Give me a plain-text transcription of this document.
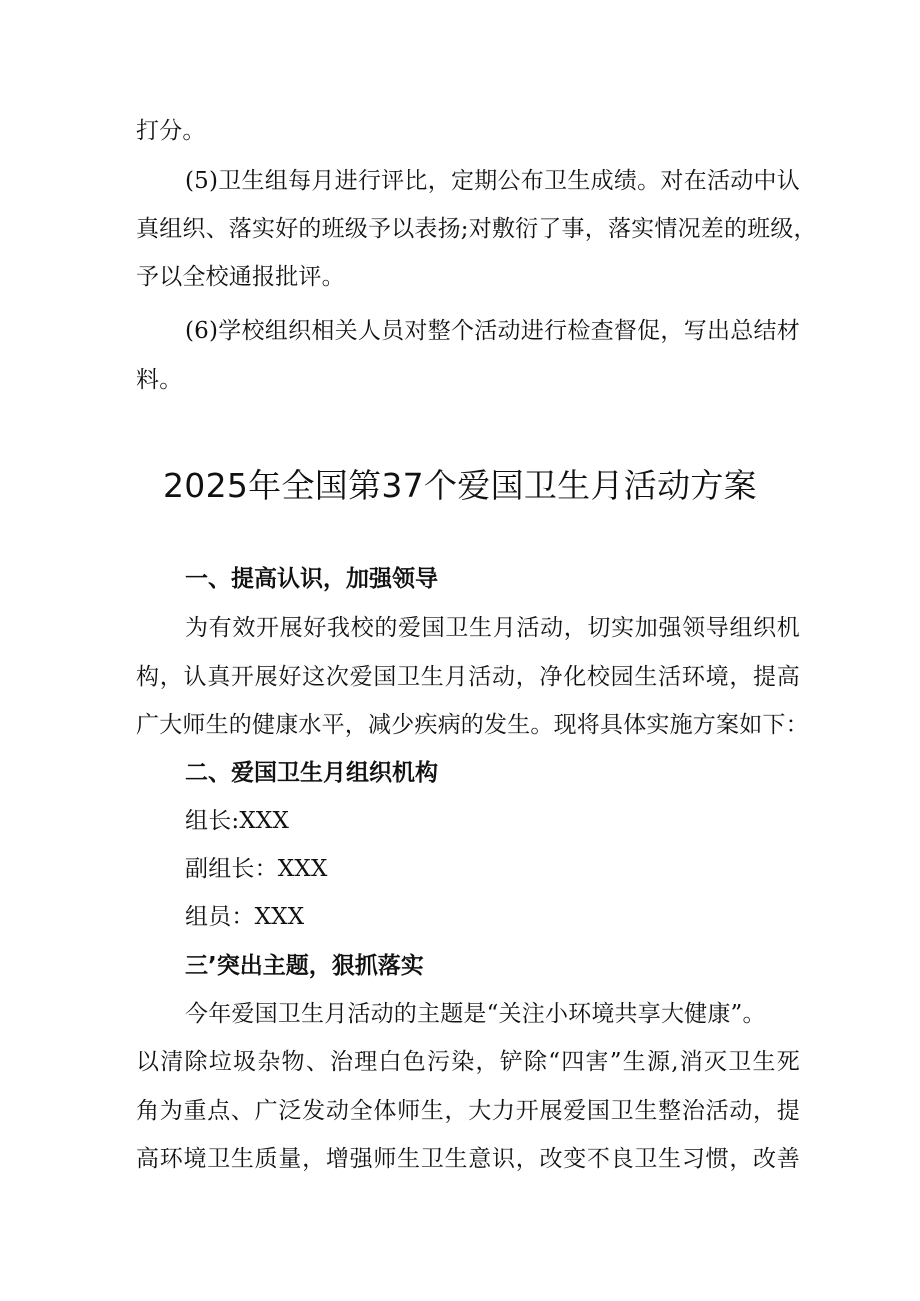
打分。
(5)卫生组每月进行评比，定期公布卫生成绩。对在活动中认
真组织、落实好的班级予以表扬;对敷衍了事，落实情况差的班级，
予以全校通报批评。
(6)学校组织相关人员对整个活动进行检查督促，写出总结材
料。
2025年全国第37个爱国卫生月活动方案
一、提高认识，加强领导
为有效开展好我校的爱国卫生月活动，切实加强领导组织机
构，认真开展好这次爱国卫生月活动，净化校园生活环境，提高
广大师生的健康水平，减少疾病的发生。现将具体实施方案如下：
二、爱国卫生月组织机构
组长:XXX
副组长：XXX
组员：XXX
三’突出主题，狠抓落实
今年爱国卫生月活动的主题是“关注小环境共享大健康”。
以清除垃圾杂物、治理白色污染，铲除“四害”生源,消灭卫生死
角为重点、广泛发动全体师生，大力开展爱国卫生整治活动，提
高环境卫生质量，增强师生卫生意识，改变不良卫生习惯，改善
